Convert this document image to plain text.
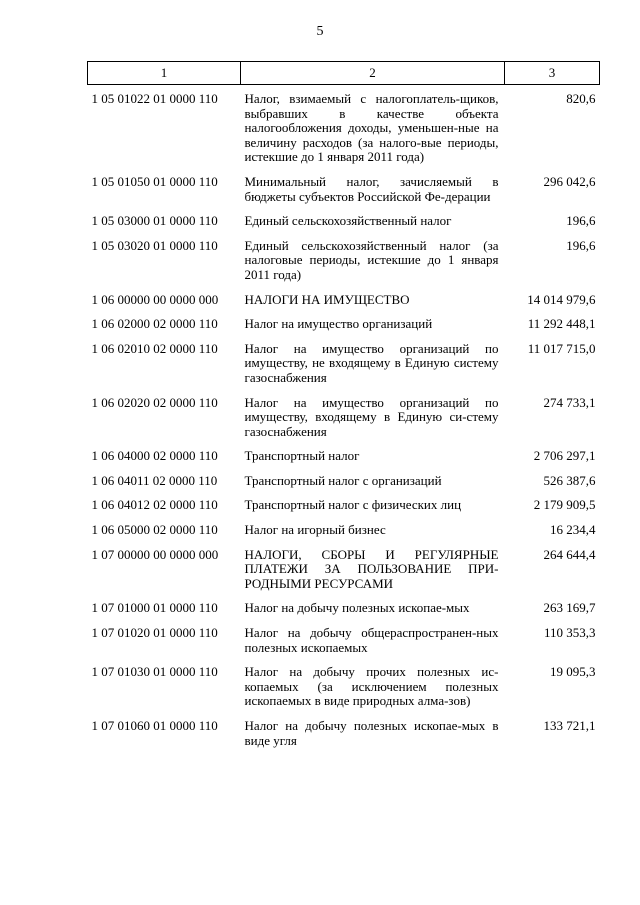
5
1	2	3

1 05 01022 01 0000 110	Налог, взимаемый с налогоплатель-щиков, выбравших в качестве объекта налогообложения доходы, уменьшен-ные на величину расходов (за налого-вые периоды, истекшие до 1 января 2011 года)	820,6
1 05 01050 01 0000 110	Минимальный налог, зачисляемый в бюджеты субъектов Российской Фе-дерации	296 042,6
1 05 03000 01 0000 110	Единый сельскохозяйственный налог	196,6
1 05 03020 01 0000 110	Единый сельскохозяйственный налог (за налоговые периоды, истекшие до 1 января 2011 года)	196,6
1 06 00000 00 0000 000	НАЛОГИ НА ИМУЩЕСТВО	14 014 979,6
1 06 02000 02 0000 110	Налог на имущество организаций	11 292 448,1
1 06 02010 02 0000 110	Налог на имущество организаций по имуществу, не входящему в Единую систему газоснабжения	11 017 715,0
1 06 02020 02 0000 110	Налог на имущество организаций по имуществу, входящему в Единую си-стему газоснабжения	274 733,1
1 06 04000 02 0000 110	Транспортный налог	2 706 297,1
1 06 04011 02 0000 110	Транспортный налог с организаций	526 387,6
1 06 04012 02 0000 110	Транспортный налог с физических лиц	2 179 909,5
1 06 05000 02 0000 110	Налог на игорный бизнес	16 234,4
1 07 00000 00 0000 000	НАЛОГИ, СБОРЫ И РЕГУЛЯРНЫЕ ПЛАТЕЖИ ЗА ПОЛЬЗОВАНИЕ ПРИ-РОДНЫМИ РЕСУРСАМИ	264 644,4
1 07 01000 01 0000 110	Налог на добычу полезных ископае-мых	263 169,7
1 07 01020 01 0000 110	Налог на добычу общераспространен-ных полезных ископаемых	110 353,3
1 07 01030 01 0000 110	Налог на добычу прочих полезных ис-копаемых (за исключением полезных ископаемых в виде природных алма-зов)	19 095,3
1 07 01060 01 0000 110	Налог на добычу полезных ископае-мых в виде угля	133 721,1
